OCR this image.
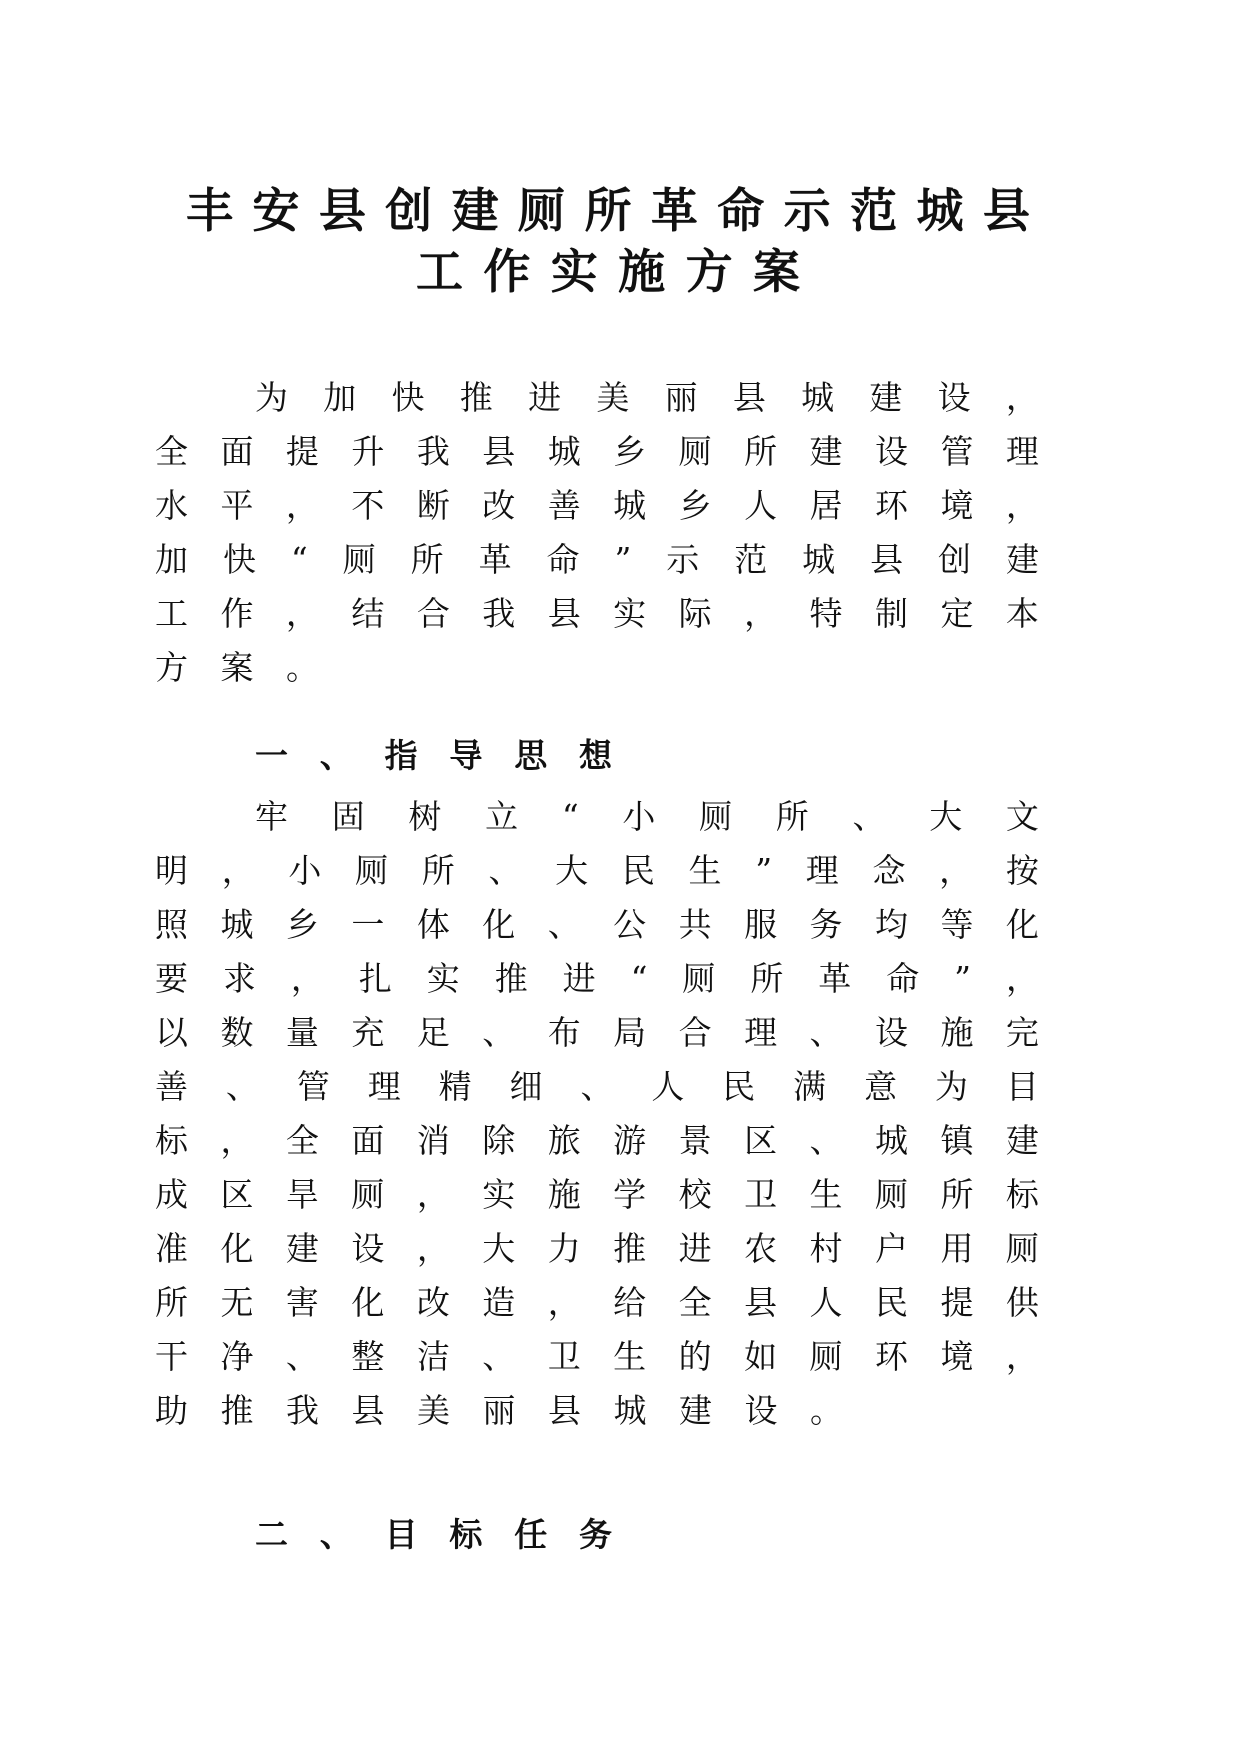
丰 安 县 创 建 厕 所 革 命 示 范 城 县
工 作 实 施 方 案
为 加 快 推 进 美 丽 县 城 建 设 ，
全 面 提 升 我 县 城 乡 厕 所 建 设 管 理
水 平 ， 不 断 改 善 城 乡 人 居 环 境 ，
加 快 “ 厕 所 革 命 ” 示 范 城 县 创 建
工 作 ， 结 合 我 县 实 际 ， 特 制 定 本
方 案 。
一 、 指 导 思 想
牢 固 树 立 “ 小 厕 所 、 大 文
明 ， 小 厕 所 、 大 民 生 ” 理 念 ， 按
照 城 乡 一 体 化 、 公 共 服 务 均 等 化
要 求 ， 扎 实 推 进 “ 厕 所 革 命 ” ，
以 数 量 充 足 、 布 局 合 理 、 设 施 完
善 、 管 理 精 细 、 人 民 满 意 为 目
标 ， 全 面 消 除 旅 游 景 区 、 城 镇 建
成 区 旱 厕 ， 实 施 学 校 卫 生 厕 所 标
准 化 建 设 ， 大 力 推 进 农 村 户 用 厕
所 无 害 化 改 造 ， 给 全 县 人 民 提 供
干 净 、 整 洁 、 卫 生 的 如 厕 环 境 ，
助 推 我 县 美 丽 县 城 建 设 。
二 、 目 标 任 务
